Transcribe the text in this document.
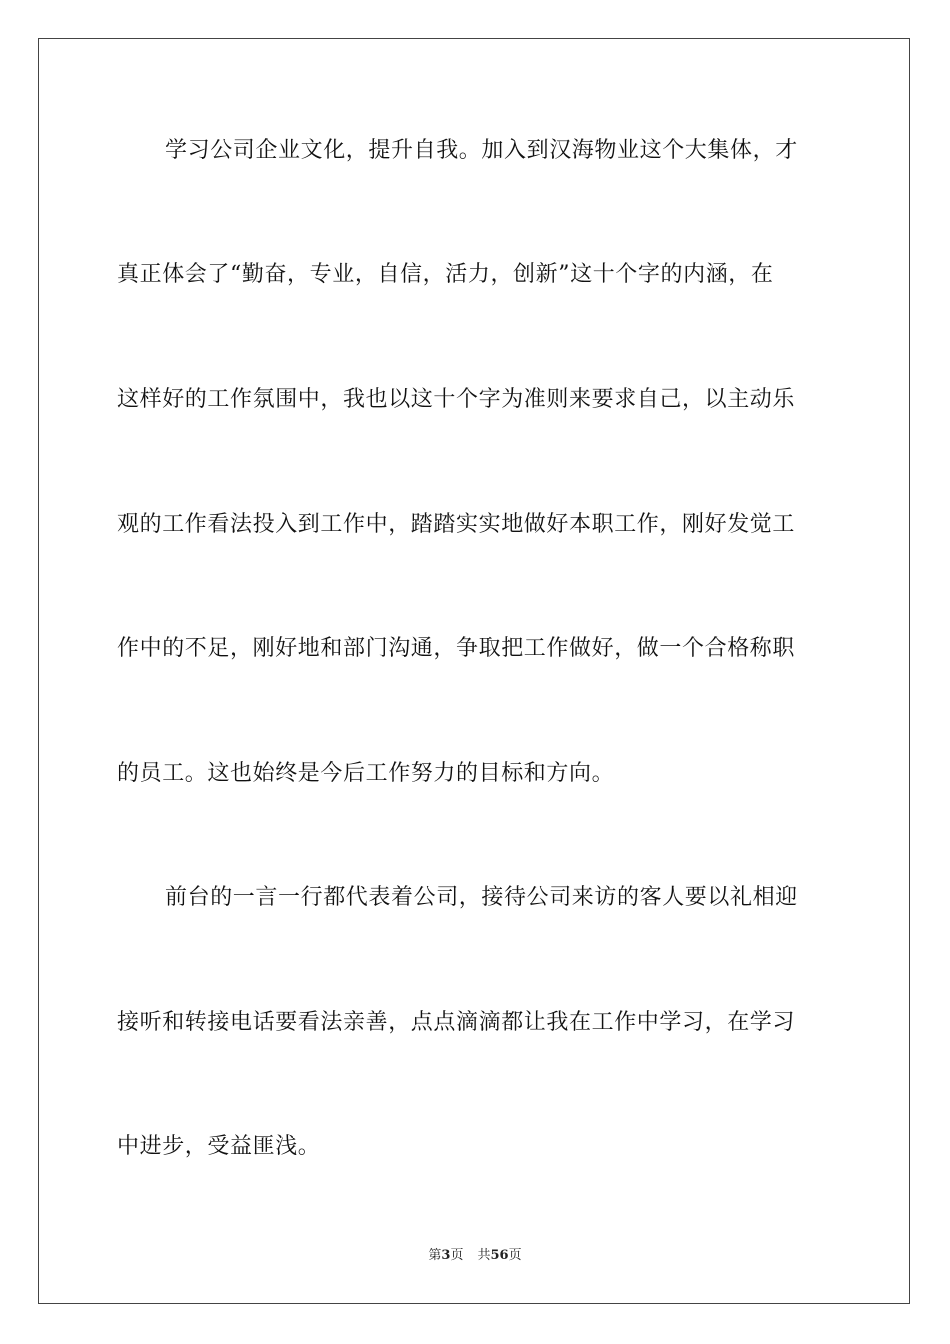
学习公司企业文化，提升自我。加入到汉海物业这个大集体，才
真正体会了“勤奋，专业，自信，活力，创新”这十个字的内涵，在
这样好的工作氛围中，我也以这十个字为准则来要求自己，以主动乐
观的工作看法投入到工作中，踏踏实实地做好本职工作，刚好发觉工
作中的不足，刚好地和部门沟通，争取把工作做好，做一个合格称职
的员工。这也始终是今后工作努力的目标和方向。
前台的一言一行都代表着公司，接待公司来访的客人要以礼相迎
接听和转接电话要看法亲善，点点滴滴都让我在工作中学习，在学习
中进步，受益匪浅。
第3页 共56页
